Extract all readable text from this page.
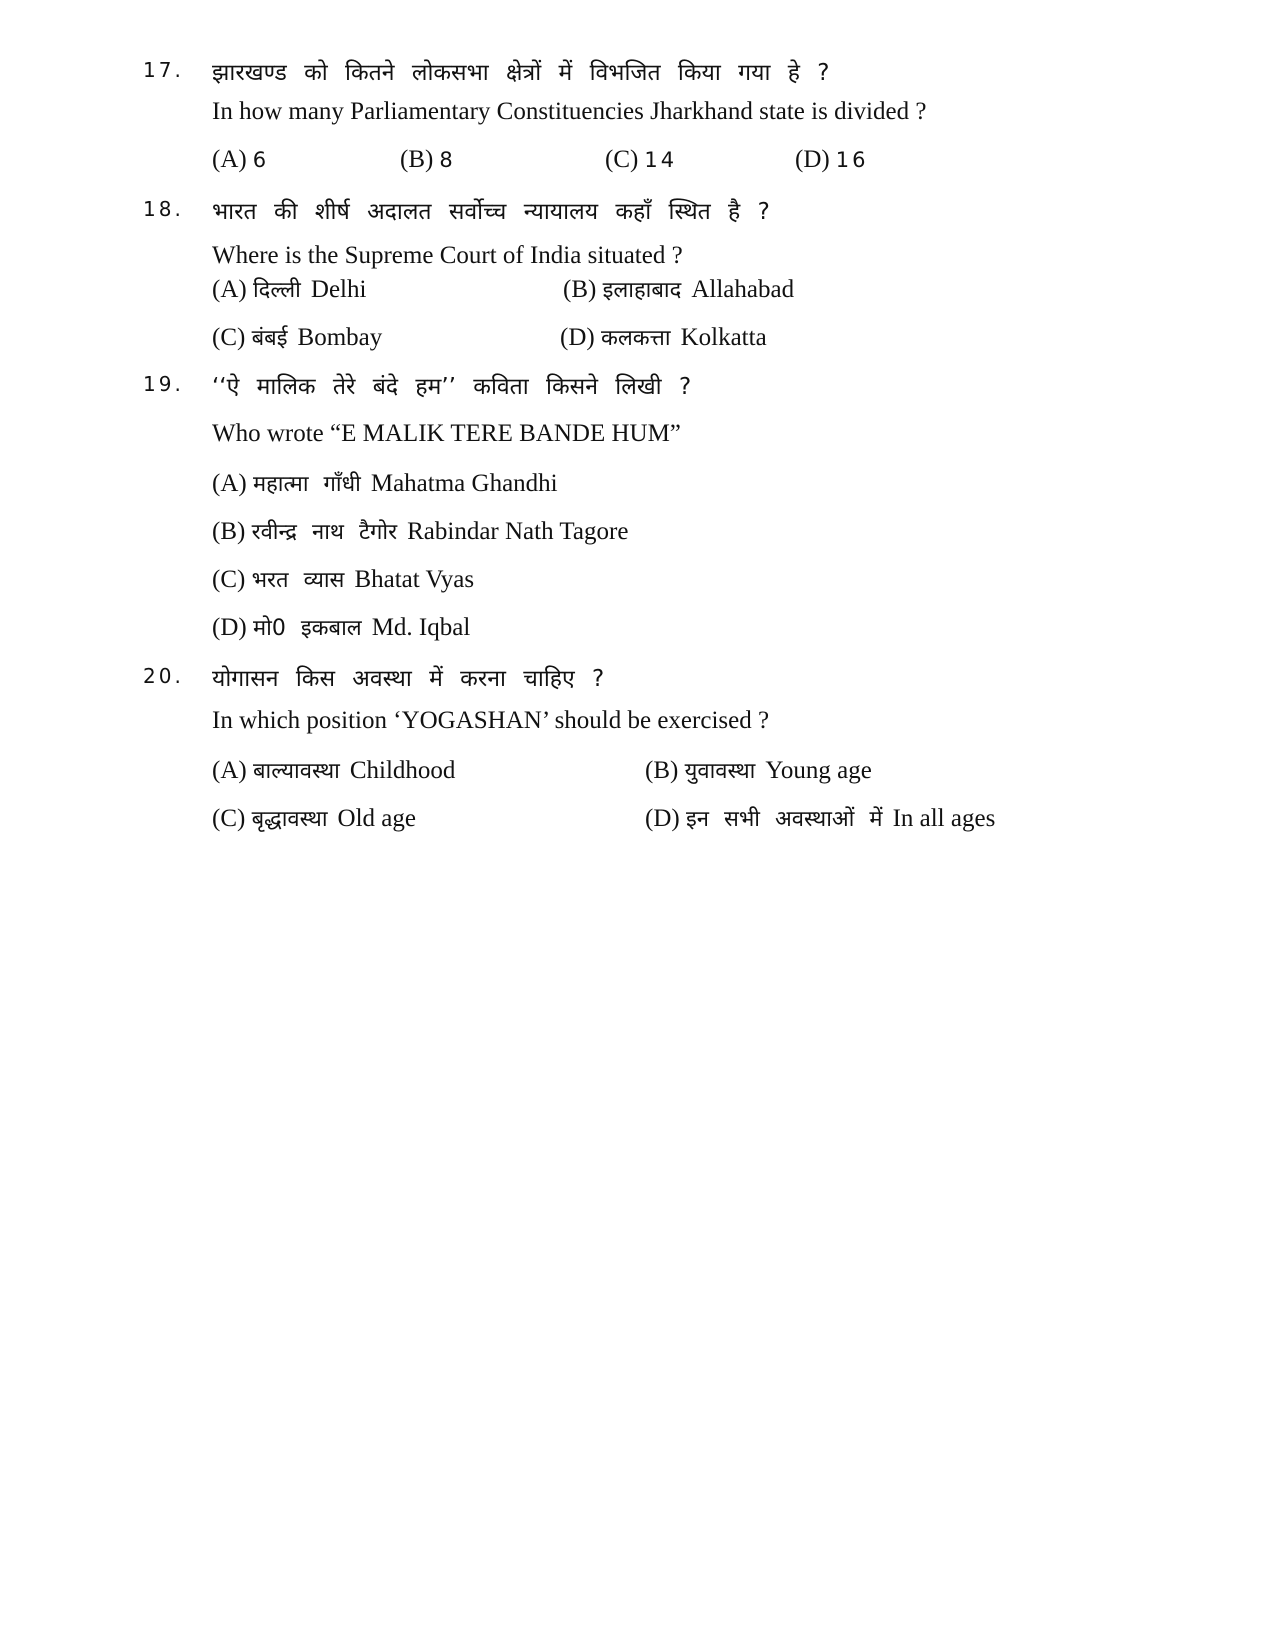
17. झारखण्ड को कितने लोकसभा क्षेत्रों में विभजित किया गया हे ?
In how many Parliamentary Constituencies Jharkhand state is divided ?
(A) 6	(B) 8	(C) 14	(D) 16
18. भारत की शीर्ष अदालत सर्वोच्च न्यायालय कहाँ स्थित है ?
Where is the Supreme Court of India situated ?
(A) दिल्ली Delhi	(B) इलाहाबाद Allahabad
(C) बंबई Bombay	(D) कलकत्ता Kolkatta
19. ‘‘ऐ मालिक तेरे बंदे हम’’ कविता किसने लिखी ?
Who wrote “E MALIK TERE BANDE HUM”
(A) महात्मा गाँधी Mahatma Ghandhi
(B) रवीन्द्र नाथ टैगोर Rabindar Nath Tagore
(C) भरत व्यास Bhatat Vyas
(D) मो0 इकबाल Md. Iqbal
20. योगासन किस अवस्था में करना चाहिए ?
In which position ‘YOGASHAN’ should be exercised ?
(A) बाल्यावस्था Childhood	(B) युवावस्था Young age
(C) बृद्धावस्था Old age	(D) इन सभी अवस्थाओं में In all ages
